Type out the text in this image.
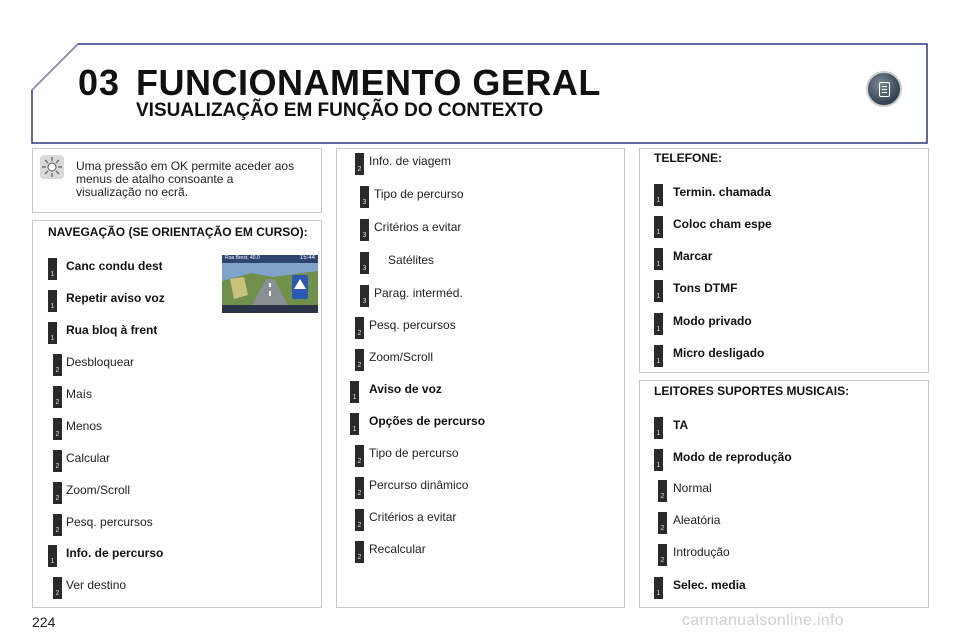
03 FUNCIONAMENTO GERAL
VISUALIZAÇÃO EM FUNÇÃO DO CONTEXTO
Uma pressão em OK permite aceder aos menus de atalho consoante a visualização no ecrã.
NAVEGAÇÃO (SE ORIENTAÇÃO EM CURSO):
TELEFONE:
LEITORES SUPORTES MUSICAIS:
Rua Brest, 40.0	15:44
1
Canc condu dest
1
Repetir aviso voz
1
Rua bloq à frent
2
Desbloquear
2
Maís
2
Menos
2
Calcular
2
Zoom/Scroll
2
Pesq. percursos
1
Info. de percurso
2
Ver destino
2
Info. de viagem
3
Tipo de percurso
3
Critérios a evitar
3
Satélites
3
Parag. interméd.
2
Pesq. percursos
2
Zoom/Scroll
1
Aviso de voz
1
Opções de percurso
2
Tipo de percurso
2
Percurso dinâmico
2
Critérios a evitar
2
Recalcular
1
Termin. chamada
1
Coloc cham espe
1
Marcar
1
Tons DTMF
1
Modo privado
1
Micro desligado
1
TA
1
Modo de reprodução
2
Normal
2
Aleatória
2
Introdução
1
Selec. media
224	carmanualsonline.info
